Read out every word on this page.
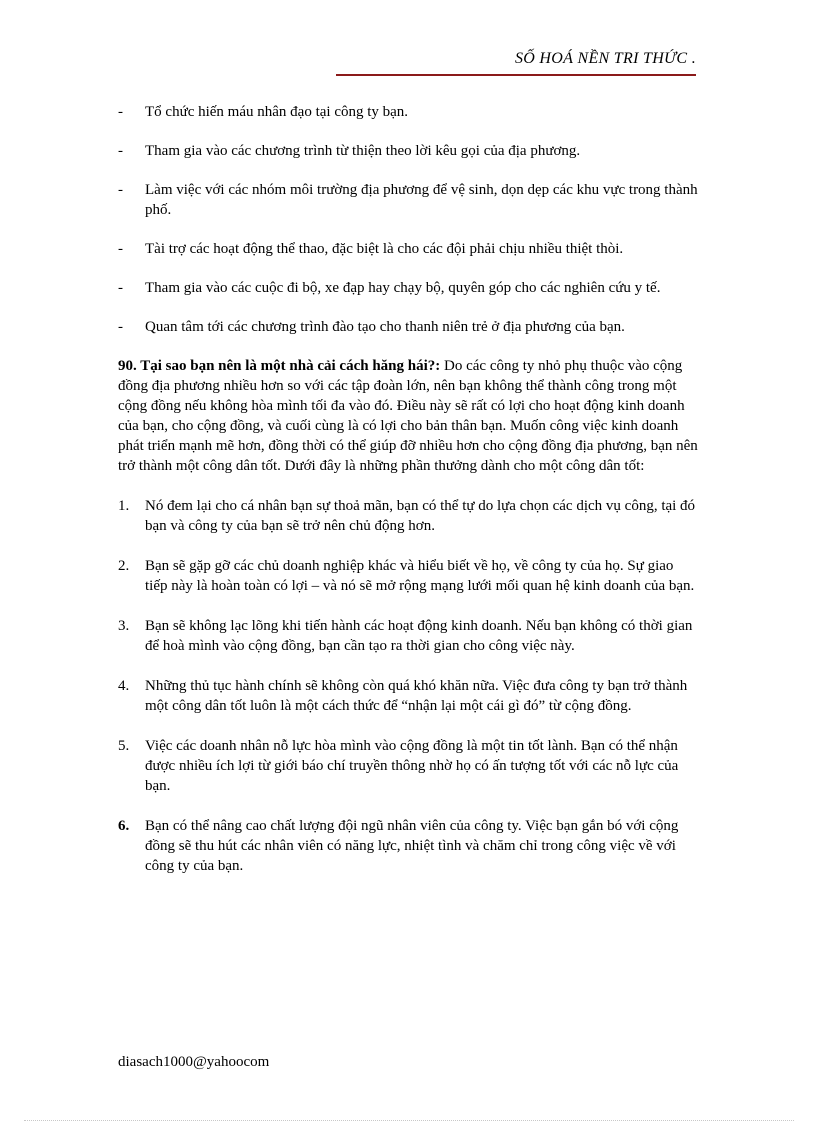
SỐ HOÁ NỀN TRI THỨC .
- Tổ chức hiến máu nhân đạo tại công ty bạn.
- Tham gia vào các chương trình từ thiện theo lời kêu gọi của địa phương.
- Làm việc với các nhóm môi trường địa phương để vệ sinh, dọn dẹp các khu vực trong thành phố.
- Tài trợ các hoạt động thể thao, đặc biệt là cho các đội phải chịu nhiều thiệt thòi.
- Tham gia vào các cuộc đi bộ, xe đạp hay chạy bộ, quyên góp cho các nghiên cứu y tế.
- Quan tâm tới các chương trình đào tạo cho thanh niên trẻ ở địa phương của bạn.
90. Tại sao bạn nên là một nhà cải cách hăng hái?: Do các công ty nhỏ phụ thuộc vào cộng đồng địa phương nhiều hơn so với các tập đoàn lớn, nên bạn không thể thành công trong một cộng đồng nếu không hòa mình tối đa vào đó. Điều này sẽ rất có lợi cho hoạt động kinh doanh của bạn, cho cộng đồng, và cuối cùng là có lợi cho bản thân bạn. Muốn công việc kinh doanh phát triển mạnh mẽ hơn, đồng thời có thể giúp đỡ nhiều hơn cho cộng đồng địa phương, bạn nên trở thành một công dân tốt. Dưới đây là những phần thưởng dành cho một công dân tốt:
1. Nó đem lại cho cá nhân bạn sự thoả mãn, bạn có thể tự do lựa chọn các dịch vụ công, tại đó bạn và công ty của bạn sẽ trở nên chủ động hơn.
2. Bạn sẽ gặp gỡ các chủ doanh nghiệp khác và hiểu biết về họ, về công ty của họ. Sự giao tiếp này là hoàn toàn có lợi – và nó sẽ mở rộng mạng lưới mối quan hệ kinh doanh của bạn.
3. Bạn sẽ không lạc lõng khi tiến hành các hoạt động kinh doanh. Nếu bạn không có thời gian để hoà mình vào cộng đồng, bạn cần tạo ra thời gian cho công việc này.
4. Những thủ tục hành chính sẽ không còn quá khó khăn nữa. Việc đưa công ty bạn trở thành một công dân tốt luôn là một cách thức để “nhận lại một cái gì đó” từ cộng đồng.
5. Việc các doanh nhân nỗ lực hòa mình vào cộng đồng là một tin tốt lành. Bạn có thể nhận được nhiều ích lợi từ giới báo chí truyền thông nhờ họ có ấn tượng tốt với các nỗ lực của bạn.
6. Bạn có thể nâng cao chất lượng đội ngũ nhân viên của công ty. Việc bạn gắn bó với cộng đồng sẽ thu hút các nhân viên có năng lực, nhiệt tình và chăm chỉ trong công việc về với công ty của bạn.
diasach1000@yahoocom
